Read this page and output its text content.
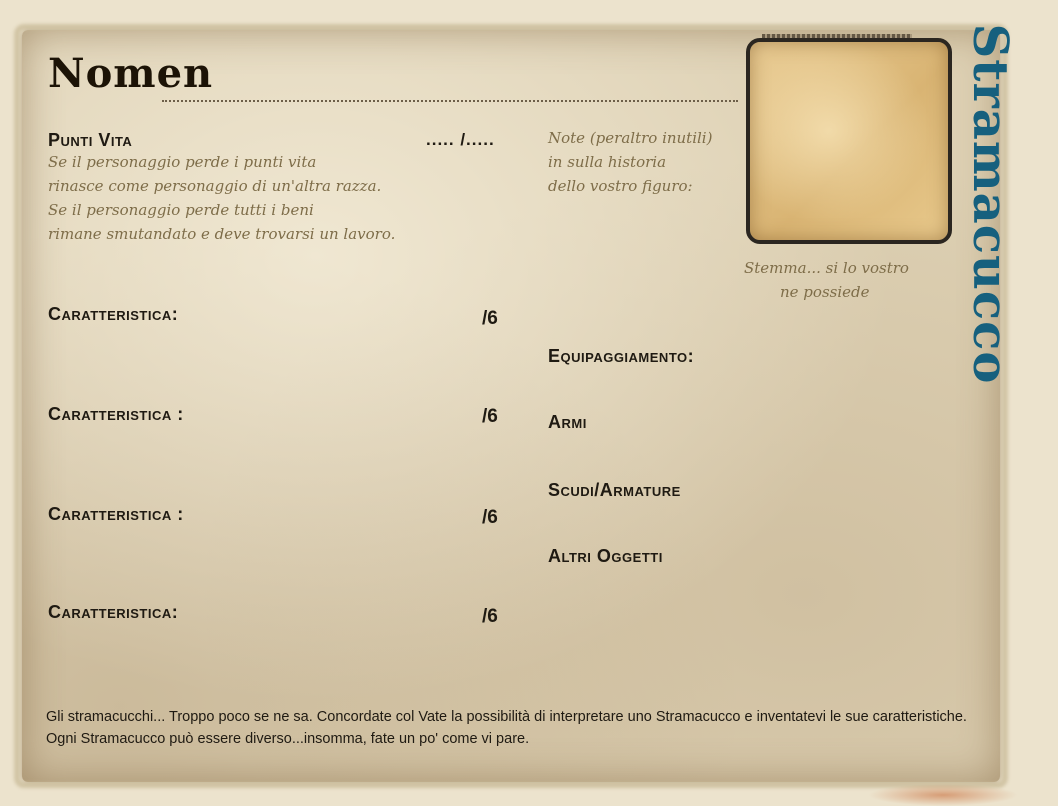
Nomen
Punti Vita	..... /.....
Se il personaggio perde i punti vita
rinasce come personaggio di un'altra razza.
Se il personaggio perde tutti i beni
rimane smutandato e deve trovarsi un lavoro.
Note (peraltro inutili)
in sulla historia
dello vostro figuro:
Stemma... si lo vostro
ne possiede	Stramacucco
Caratteristica:	/6
Caratteristica :	/6
Caratteristica :	/6
Caratteristica:	/6
Equipaggiamento:
Armi
Scudi/Armature
Altri Oggetti
Gli stramacucchi... Troppo poco se ne sa. Concordate col Vate la possibilità di interpretare uno Stramacucco e inventatevi le sue caratteristiche. Ogni Stramacucco può essere diverso...insomma, fate un po' come vi pare.
